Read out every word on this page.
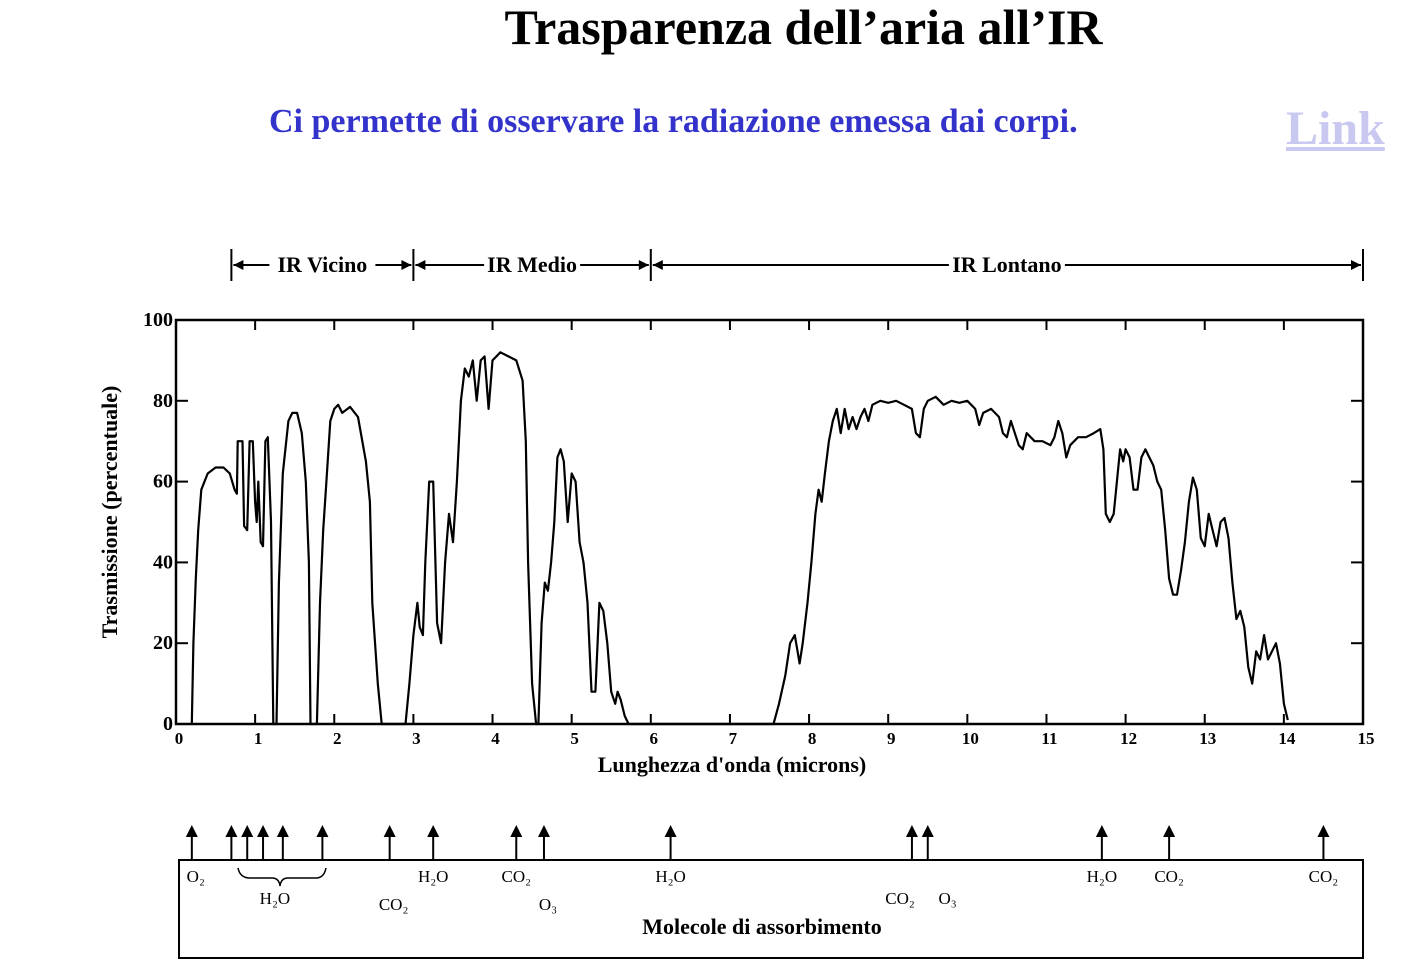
Trasparenza dell’aria all’IR
Ci permette di osservare la radiazione emessa dai corpi.	Link
IR Vicino	IR Medio	IR Lontano
0	1	2	3	4	5	6	7	8	9	10	11	12	13	14	15
0
20
40
60
80
100
Lunghezza d'onda (microns)
Trasmissione (percentuale)
Molecole di assorbimento
O₂
H₂O	CO₂
H₂O	CO₂
O₃
H₂O
CO₂ O₃
H₂O CO₂	CO₂
